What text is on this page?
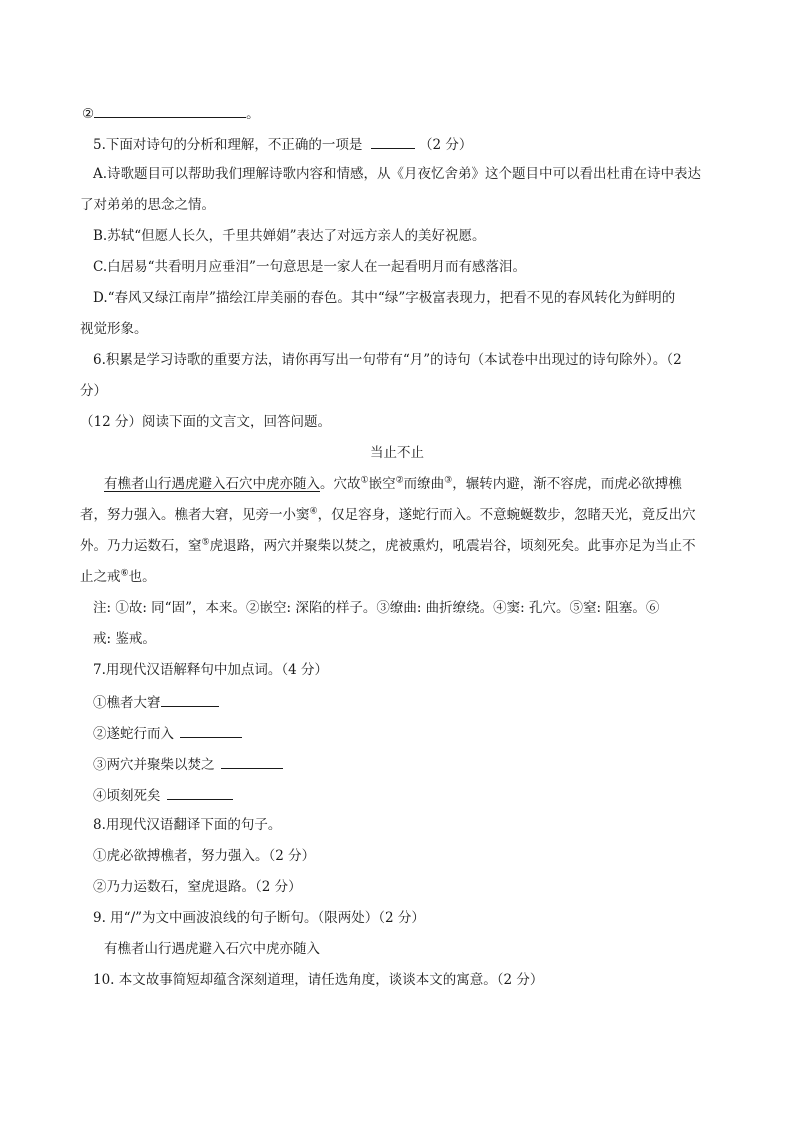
②	。
5.下面对诗句的分析和理解，不正确的一项是	（2 分）
A.诗歌题目可以帮助我们理解诗歌内容和情感，从《月夜忆舍弟》这个题目中可以看出杜甫在诗中表达
了对弟弟的思念之情。
B.苏轼“但愿人长久，千里共婵娟”表达了对远方亲人的美好祝愿。
C.白居易“共看明月应垂泪”一句意思是一家人在一起看明月而有感落泪。
D.“春风又绿江南岸”描绘江岸美丽的春色。其中“绿”字极富表现力，把看不见的春风转化为鲜明的
视觉形象。
6.积累是学习诗歌的重要方法，请你再写出一句带有“月”的诗句（本试卷中出现过的诗句除外）。（2
分）
（12 分）阅读下面的文言文，回答问题。
当止不止
有樵者山行遇虎避入石穴中虎亦随入。穴故①嵌空②而缭曲③，辗转内避，渐不容虎，而虎必欲搏樵
者，努力强入。樵者大窘，见旁一小窦④，仅足容身，遂蛇行而入。不意蜿蜒数步，忽睹天光，竟反出穴
外。乃力运数石，窒⑤虎退路，两穴并聚柴以焚之，虎被熏灼，吼震岩谷，顷刻死矣。此事亦足为当止不
止之戒⑥也。
注: ①故: 同“固”，本来。②嵌空: 深陷的样子。③缭曲: 曲折缭绕。④窦: 孔穴。⑤窒: 阻塞。⑥
戒: 鉴戒。
7.用现代汉语解释句中加点词。（4 分）
①樵者大窘
②遂蛇行而入
③两穴并聚柴以焚之
④顷刻死矣
8.用现代汉语翻译下面的句子。
①虎必欲搏樵者，努力强入。（2 分）
②乃力运数石，窒虎退路。（2 分）
9. 用“/”为文中画波浪线的句子断句。（限两处）（2 分）
有樵者山行遇虎避入石穴中虎亦随入
10. 本文故事简短却蕴含深刻道理，请任选角度，谈谈本文的寓意。（2 分）
